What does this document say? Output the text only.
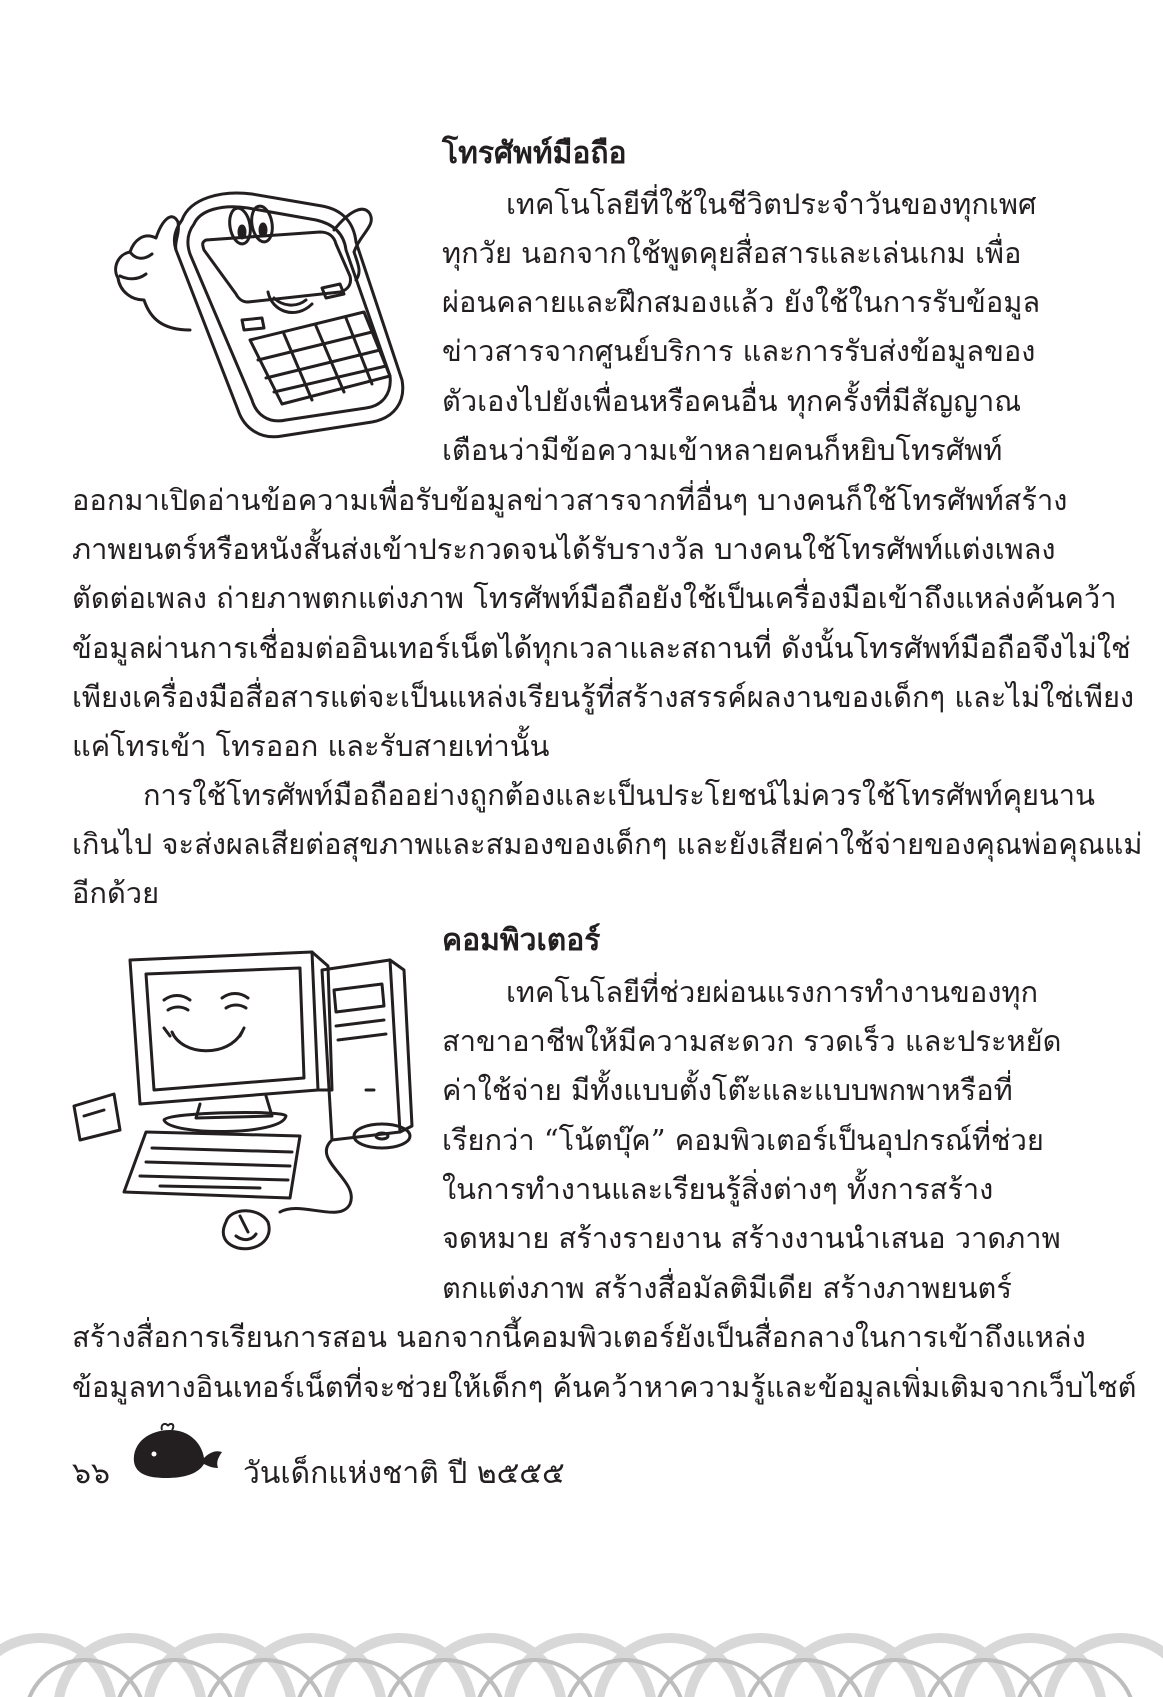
โทรศัพท์มือถือ
เทคโนโลยีที่ใช้ในชีวิตประจำวันของทุกเพศ
ทุกวัย นอกจากใช้พูดคุยสื่อสารและเล่นเกม เพื่อ
ผ่อนคลายและฝึกสมองแล้ว ยังใช้ในการรับข้อมูล
ข่าวสารจากศูนย์บริการ และการรับส่งข้อมูลของ
ตัวเองไปยังเพื่อนหรือคนอื่น ทุกครั้งที่มีสัญญาณ
เตือนว่ามีข้อความเข้าหลายคนก็หยิบโทรศัพท์
ออกมาเปิดอ่านข้อความเพื่อรับข้อมูลข่าวสารจากที่อื่นๆ บางคนก็ใช้โทรศัพท์สร้าง
ภาพยนตร์หรือหนังสั้นส่งเข้าประกวดจนได้รับรางวัล บางคนใช้โทรศัพท์แต่งเพลง
ตัดต่อเพลง ถ่ายภาพตกแต่งภาพ โทรศัพท์มือถือยังใช้เป็นเครื่องมือเข้าถึงแหล่งค้นคว้า
ข้อมูลผ่านการเชื่อมต่ออินเทอร์เน็ตได้ทุกเวลาและสถานที่ ดังนั้นโทรศัพท์มือถือจึงไม่ใช่
เพียงเครื่องมือสื่อสารแต่จะเป็นแหล่งเรียนรู้ที่สร้างสรรค์ผลงานของเด็กๆ และไม่ใช่เพียง
แค่โทรเข้า โทรออก และรับสายเท่านั้น
การใช้โทรศัพท์มือถืออย่างถูกต้องและเป็นประโยชน์ไม่ควรใช้โทรศัพท์คุยนาน
เกินไป จะส่งผลเสียต่อสุขภาพและสมองของเด็กๆ และยังเสียค่าใช้จ่ายของคุณพ่อคุณแม่
อีกด้วย
คอมพิวเตอร์
เทคโนโลยีที่ช่วยผ่อนแรงการทำงานของทุก
สาขาอาชีพให้มีความสะดวก รวดเร็ว และประหยัด
ค่าใช้จ่าย มีทั้งแบบตั้งโต๊ะและแบบพกพาหรือที่
เรียกว่า “โน้ตบุ๊ค” คอมพิวเตอร์เป็นอุปกรณ์ที่ช่วย
ในการทำงานและเรียนรู้สิ่งต่างๆ ทั้งการสร้าง
จดหมาย สร้างรายงาน สร้างงานนำเสนอ วาดภาพ
ตกแต่งภาพ สร้างสื่อมัลติมีเดีย สร้างภาพยนตร์
สร้างสื่อการเรียนการสอน นอกจากนี้คอมพิวเตอร์ยังเป็นสื่อกลางในการเข้าถึงแหล่ง
ข้อมูลทางอินเทอร์เน็ตที่จะช่วยให้เด็กๆ ค้นคว้าหาความรู้และข้อมูลเพิ่มเติมจากเว็บไซต์
๖๖	วันเด็กแห่งชาติ ปี ๒๕๕๕
